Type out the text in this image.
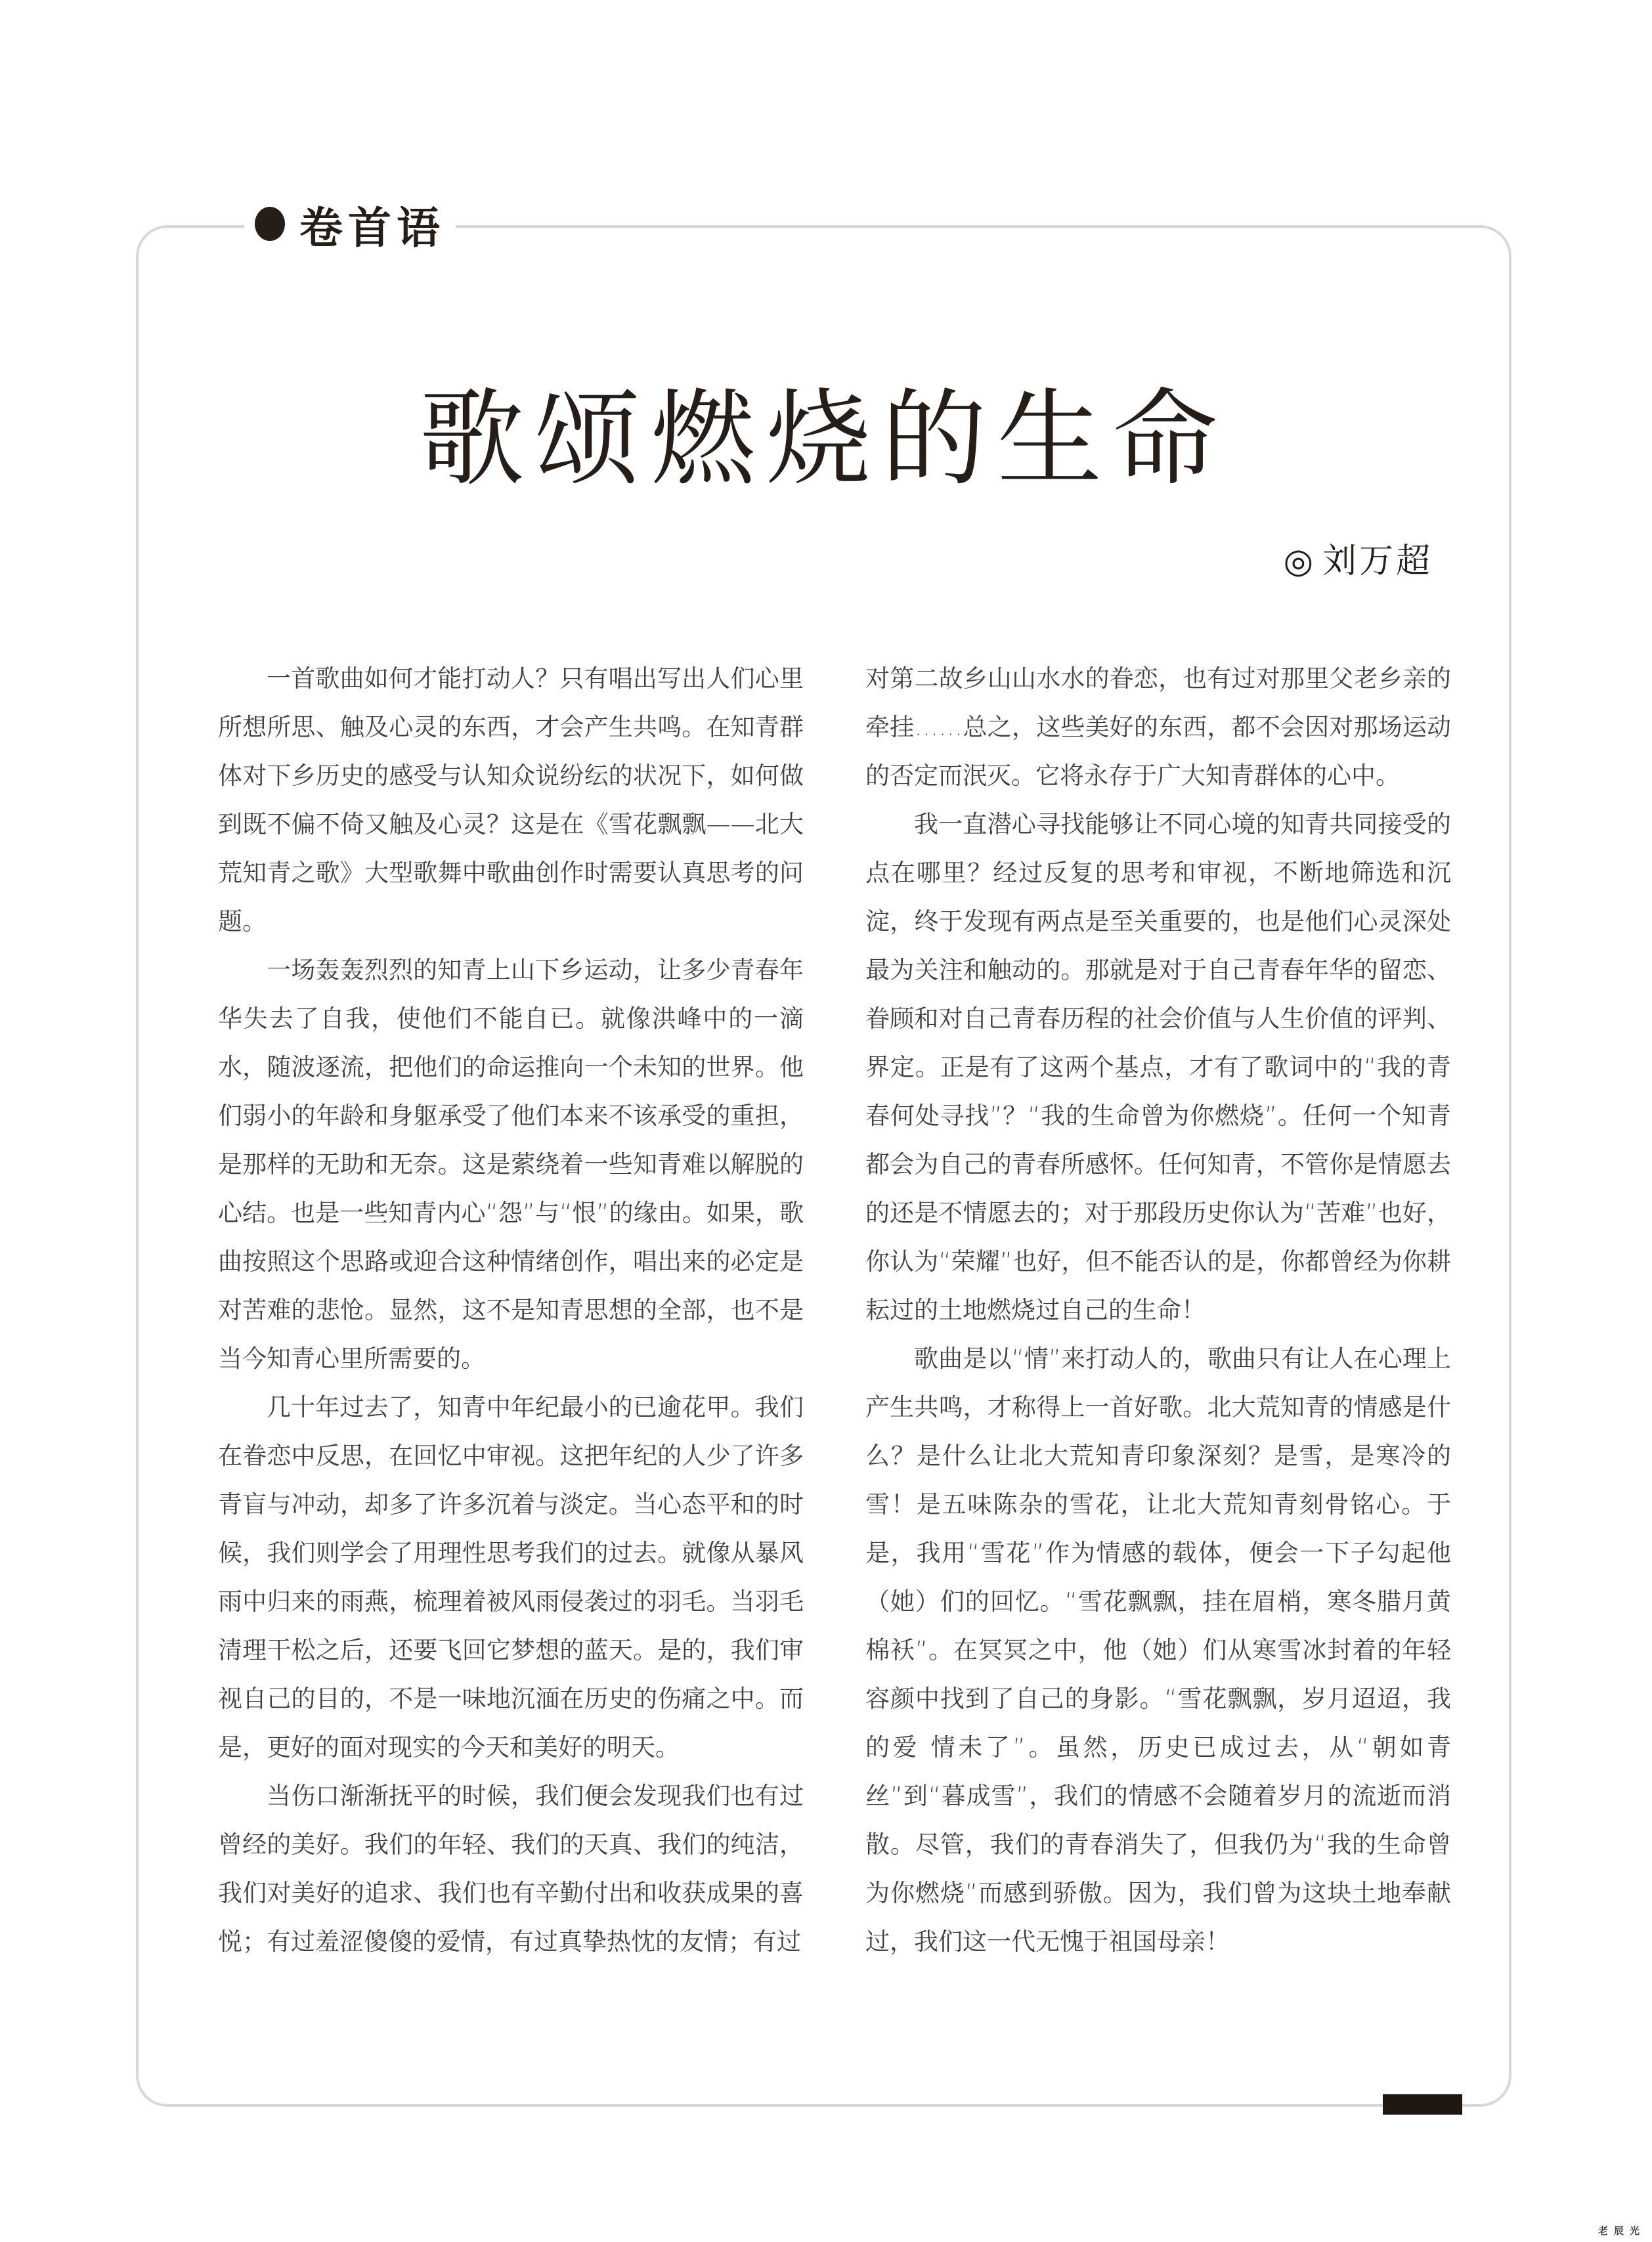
卷首语
歌颂燃烧的生命
◎ 刘万超

一首歌曲如何才能打动人？只有唱出写出人们心里所想所思、触及心灵的东西，才会产生共鸣。在知青群体对下乡历史的感受与认知众说纷纭的状况下，如何做到既不偏不倚又触及心灵？这是在《雪花飘飘——北大荒知青之歌》大型歌舞中歌曲创作时需要认真思考的问题。

一场轰轰烈烈的知青上山下乡运动，让多少青春年华失去了自我，使他们不能自已。就像洪峰中的一滴水，随波逐流，把他们的命运推向一个未知的世界。他们弱小的年龄和身躯承受了他们本来不该承受的重担，是那样的无助和无奈。这是萦绕着一些知青难以解脱的心结。也是一些知青内心“怨”与“恨”的缘由。如果，歌曲按照这个思路或迎合这种情绪创作，唱出来的必定是对苦难的悲怆。显然，这不是知青思想的全部，也不是当今知青心里所需要的。

几十年过去了，知青中年纪最小的已逾花甲。我们在眷恋中反思，在回忆中审视。这把年纪的人少了许多青盲与冲动，却多了许多沉着与淡定。当心态平和的时候，我们则学会了用理性思考我们的过去。就像从暴风雨中归来的雨燕，梳理着被风雨侵袭过的羽毛。当羽毛清理干松之后，还要飞回它梦想的蓝天。是的，我们审视自己的目的，不是一味地沉湎在历史的伤痛之中。而是，更好的面对现实的今天和美好的明天。

当伤口渐渐抚平的时候，我们便会发现我们也有过曾经的美好。我们的年轻、我们的天真、我们的纯洁，我们对美好的追求、我们也有辛勤付出和收获成果的喜悦；有过羞涩傻傻的爱情，有过真挚热忱的友情；有过

对第二故乡山山水水的眷恋，也有过对那里父老乡亲的牵挂……总之，这些美好的东西，都不会因对那场运动的否定而泯灭。它将永存于广大知青群体的心中。

我一直潜心寻找能够让不同心境的知青共同接受的点在哪里？经过反复的思考和审视，不断地筛选和沉淀，终于发现有两点是至关重要的，也是他们心灵深处最为关注和触动的。那就是对于自己青春年华的留恋、眷顾和对自己青春历程的社会价值与人生价值的评判、界定。正是有了这两个基点，才有了歌词中的“我的青春何处寻找”？“我的生命曾为你燃烧”。任何一个知青都会为自己的青春所感怀。任何知青，不管你是情愿去的还是不情愿去的；对于那段历史你认为“苦难”也好，你认为“荣耀”也好，但不能否认的是，你都曾经为你耕耘过的土地燃烧过自己的生命！

歌曲是以“情”来打动人的，歌曲只有让人在心理上产生共鸣，才称得上一首好歌。北大荒知青的情感是什么？是什么让北大荒知青印象深刻？是雪，是寒冷的雪！是五味陈杂的雪花，让北大荒知青刻骨铭心。于是，我用“雪花”作为情感的载体，便会一下子勾起他（她）们的回忆。“雪花飘飘，挂在眉梢，寒冬腊月黄棉袄”。在冥冥之中，他（她）们从寒雪冰封着的年轻容颜中找到了自己的身影。“雪花飘飘，岁月迢迢，我的爱 情未了”。虽然，历史已成过去，从“朝如青丝”到“暮成雪”，我们的情感不会随着岁月的流逝而消散。尽管，我们的青春消失了，但我仍为“我的生命曾为你燃烧”而感到骄傲。因为，我们曾为这块土地奉献过，我们这一代无愧于祖国母亲！

老辰光
